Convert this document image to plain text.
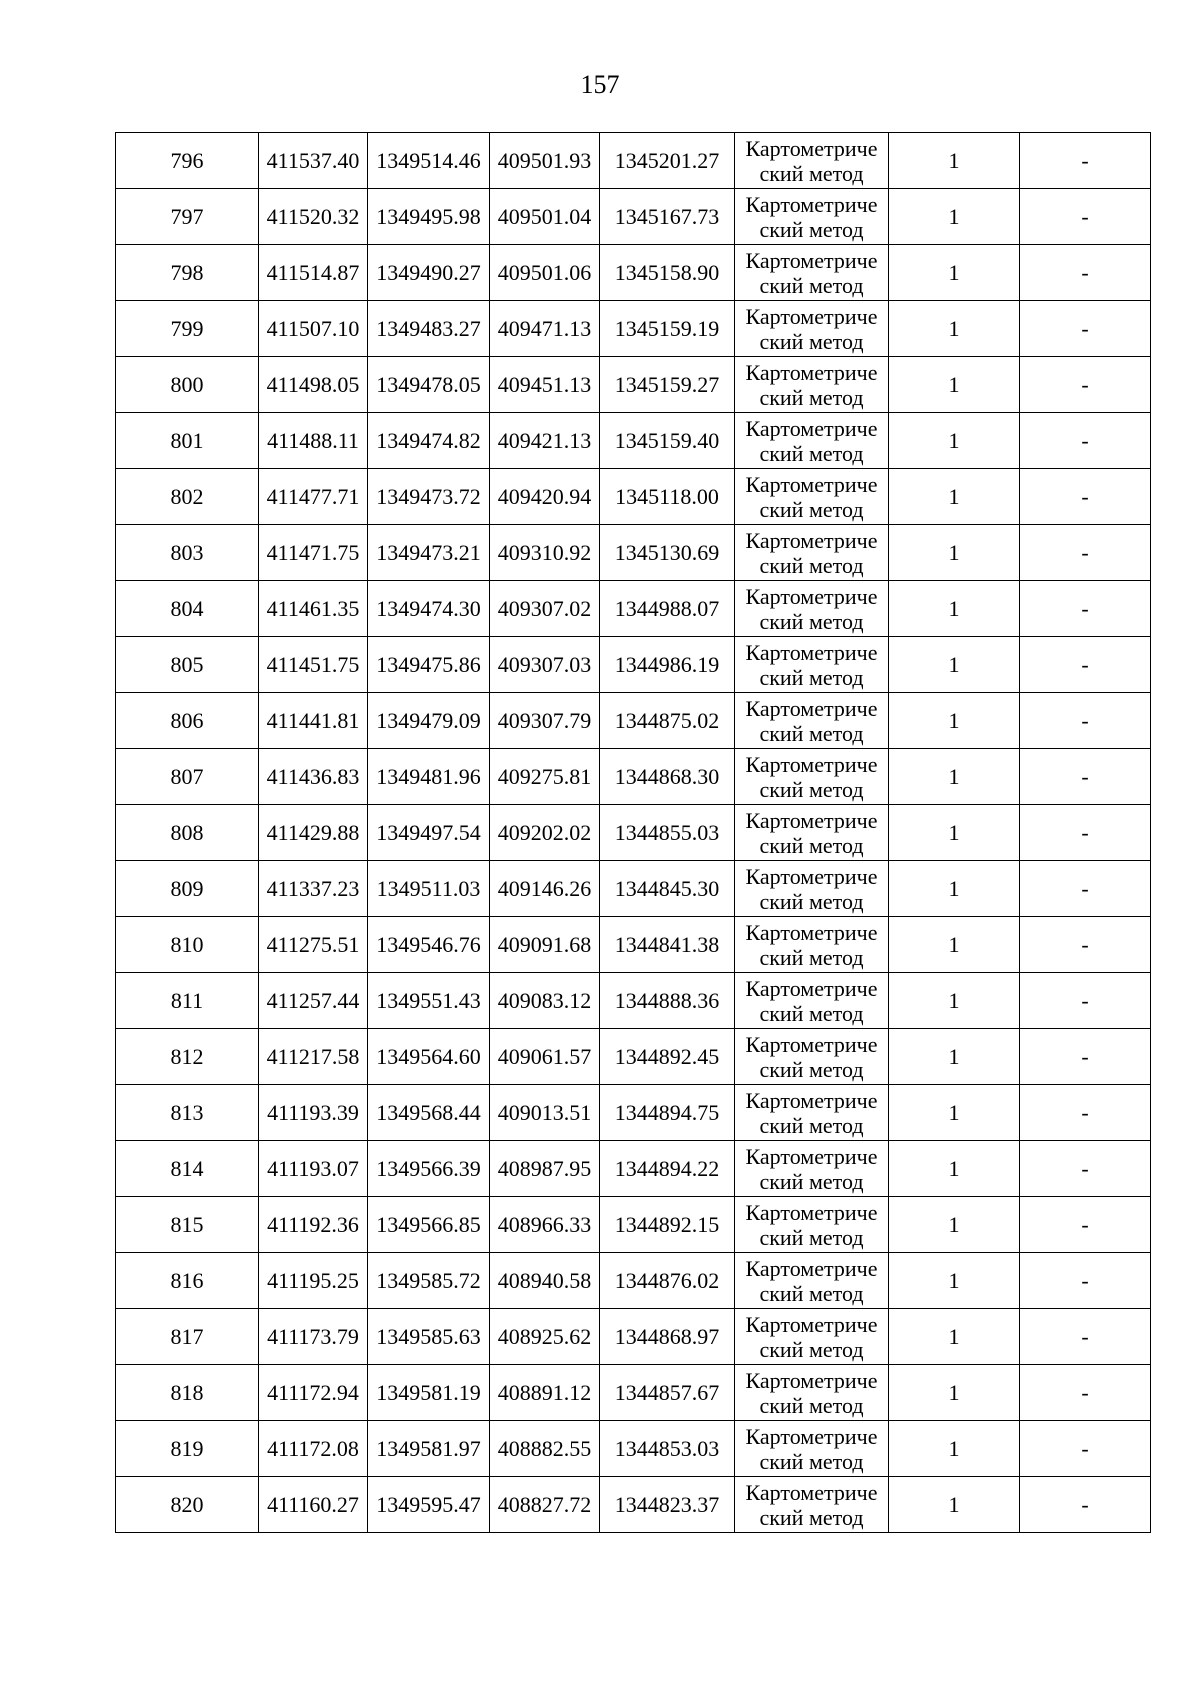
157
796	411537.40	1349514.46	409501.93	1345201.27	Картометриче
ский метод	1	-
797	411520.32	1349495.98	409501.04	1345167.73	Картометриче
ский метод	1	-
798	411514.87	1349490.27	409501.06	1345158.90	Картометриче
ский метод	1	-
799	411507.10	1349483.27	409471.13	1345159.19	Картометриче
ский метод	1	-
800	411498.05	1349478.05	409451.13	1345159.27	Картометриче
ский метод	1	-
801	411488.11	1349474.82	409421.13	1345159.40	Картометриче
ский метод	1	-
802	411477.71	1349473.72	409420.94	1345118.00	Картометриче
ский метод	1	-
803	411471.75	1349473.21	409310.92	1345130.69	Картометриче
ский метод	1	-
804	411461.35	1349474.30	409307.02	1344988.07	Картометриче
ский метод	1	-
805	411451.75	1349475.86	409307.03	1344986.19	Картометриче
ский метод	1	-
806	411441.81	1349479.09	409307.79	1344875.02	Картометриче
ский метод	1	-
807	411436.83	1349481.96	409275.81	1344868.30	Картометриче
ский метод	1	-
808	411429.88	1349497.54	409202.02	1344855.03	Картометриче
ский метод	1	-
809	411337.23	1349511.03	409146.26	1344845.30	Картометриче
ский метод	1	-
810	411275.51	1349546.76	409091.68	1344841.38	Картометриче
ский метод	1	-
811	411257.44	1349551.43	409083.12	1344888.36	Картометриче
ский метод	1	-
812	411217.58	1349564.60	409061.57	1344892.45	Картометриче
ский метод	1	-
813	411193.39	1349568.44	409013.51	1344894.75	Картометриче
ский метод	1	-
814	411193.07	1349566.39	408987.95	1344894.22	Картометриче
ский метод	1	-
815	411192.36	1349566.85	408966.33	1344892.15	Картометриче
ский метод	1	-
816	411195.25	1349585.72	408940.58	1344876.02	Картометриче
ский метод	1	-
817	411173.79	1349585.63	408925.62	1344868.97	Картометриче
ский метод	1	-
818	411172.94	1349581.19	408891.12	1344857.67	Картометриче
ский метод	1	-
819	411172.08	1349581.97	408882.55	1344853.03	Картометриче
ский метод	1	-
820	411160.27	1349595.47	408827.72	1344823.37	Картометриче
ский метод	1	-
